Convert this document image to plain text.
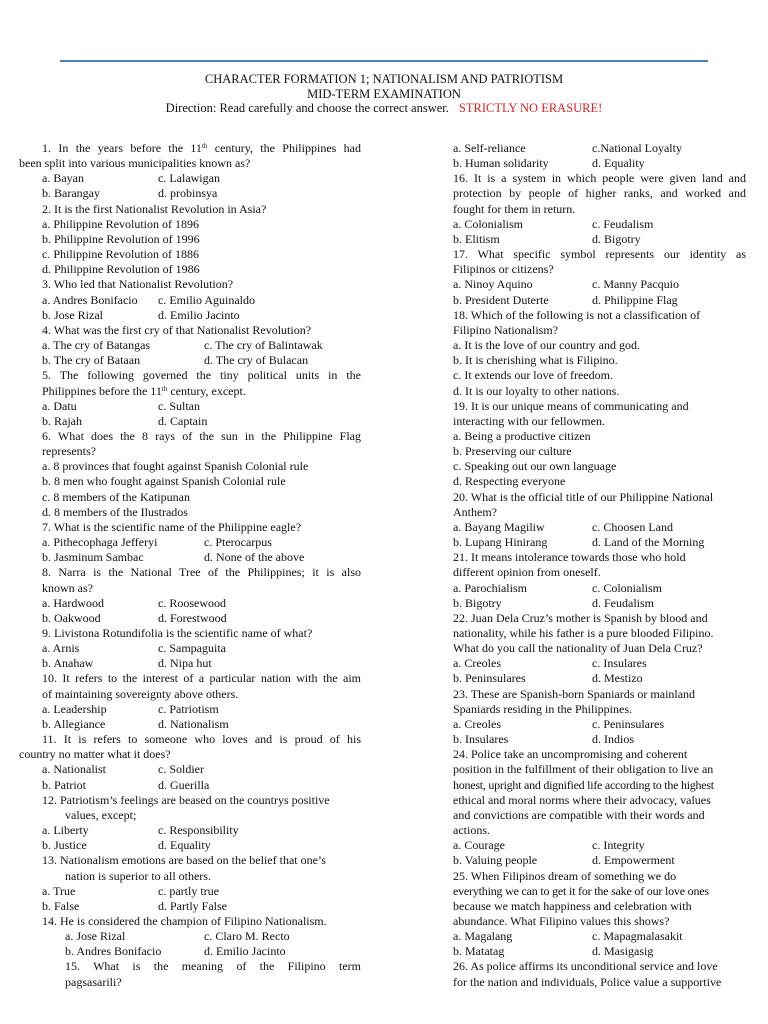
CHARACTER FORMATION 1; NATIONALISM AND PATRIOTISM
MID-TERM EXAMINATION
Direction: Read carefully and choose the correct answer. STRICTLY NO ERASURE!
1. In the years before the 11th century, the Philippines had
been split into various municipalities known as?
a. Bayan	c. Lalawigan
b. Barangay	d. probinsya
2. It is the first Nationalist Revolution in Asia?
a. Philippine Revolution of 1896
b. Philippine Revolution of 1996
c. Philippine Revolution of 1886
d. Philippine Revolution of 1986
3. Who led that Nationalist Revolution?
a. Andres Bonifacio	c. Emilio Aguinaldo
b. Jose Rizal	d. Emilio Jacinto
4. What was the first cry of that Nationalist Revolution?
a. The cry of Batangas	c. The cry of Balintawak
b. The cry of Bataan	d. The cry of Bulacan
5. The following governed the tiny political units in the
Philippines before the 11th century, except.
a. Datu	c. Sultan
b. Rajah	d. Captain
6. What does the 8 rays of the sun in the Philippine Flag
represents?
a. 8 provinces that fought against Spanish Colonial rule
b. 8 men who fought against Spanish Colonial rule
c. 8 members of the Katipunan
d. 8 members of the Ilustrados
7. What is the scientific name of the Philippine eagle?
a. Pithecophaga Jefferyi	c. Pterocarpus
b. Jasminum Sambac	d. None of the above
8. Narra is the National Tree of the Philippines; it is also
known as?
a. Hardwood	c. Roosewood
b. Oakwood	d. Forestwood
9. Livistona Rotundifolia is the scientific name of what?
a. Arnis	c. Sampaguita
b. Anahaw	d. Nipa hut
10. It refers to the interest of a particular nation with the aim
of maintaining sovereignty above others.
a. Leadership	c. Patriotism
b. Allegiance	d. Nationalism
11. It is refers to someone who loves and is proud of his
country no matter what it does?
a. Nationalist	c. Soldier
b. Patriot	d. Guerilla
12. Patriotism’s feelings are beased on the countrys positive
values, except;
a. Liberty	c. Responsibility
b. Justice	d. Equality
13. Nationalism emotions are based on the belief that one’s
nation is superior to all others.
a. True	c. partly true
b. False	d. Partly False
14. He is considered the champion of Filipino Nationalism.
a. Jose Rizal	c. Claro M. Recto
b. Andres Bonifacio	d. Emilio Jacinto
15. What is the meaning of the Filipino term
pagsasarili?
a. Self-reliance	c.National Loyalty
b. Human solidarity	d. Equality
16. It is a system in which people were given land and
protection by people of higher ranks, and worked and
fought for them in return.
a. Colonialism	c. Feudalism
b. Elitism	d. Bigotry
17. What specific symbol represents our identity as
Filipinos or citizens?
a. Ninoy Aquino	c. Manny Pacquio
b. President Duterte	d. Philippine Flag
18. Which of the following is not a classification of
Filipino Nationalism?
a. It is the love of our country and god.
b. It is cherishing what is Filipino.
c. It extends our love of freedom.
d. It is our loyalty to other nations.
19. It is our unique means of communicating and
interacting with our fellowmen.
a. Being a productive citizen
b. Preserving our culture
c. Speaking out our own language
d. Respecting everyone
20. What is the official title of our Philippine National
Anthem?
a. Bayang Magiliw	c. Choosen Land
b. Lupang Hinirang	d. Land of the Morning
21. It means intolerance towards those who hold
different opinion from oneself.
a. Parochialism	c. Colonialism
b. Bigotry	d. Feudalism
22. Juan Dela Cruz’s mother is Spanish by blood and
nationality, while his father is a pure blooded Filipino.
What do you call the nationality of Juan Dela Cruz?
a. Creoles	c. Insulares
b. Peninsulares	d. Mestizo
23. These are Spanish-born Spaniards or mainland
Spaniards residing in the Philippines.
a. Creoles	c. Peninsulares
b. Insulares	d. Indios
24. Police take an uncompromising and coherent
position in the fulfillment of their obligation to live an
honest, upright and dignified life according to the highest
ethical and moral norms where their advocacy, values
and convictions are compatible with their words and
actions.
a. Courage	c. Integrity
b. Valuing people	d. Empowerment
25. When Filipinos dream of something we do
everything we can to get it for the sake of our love ones
because we match happiness and celebration with
abundance. What Filipino values this shows?
a. Magalang	c. Mapagmalasakit
b. Matatag	d. Masigasig
26. As police affirms its unconditional service and love
for the nation and individuals, Police value a supportive
